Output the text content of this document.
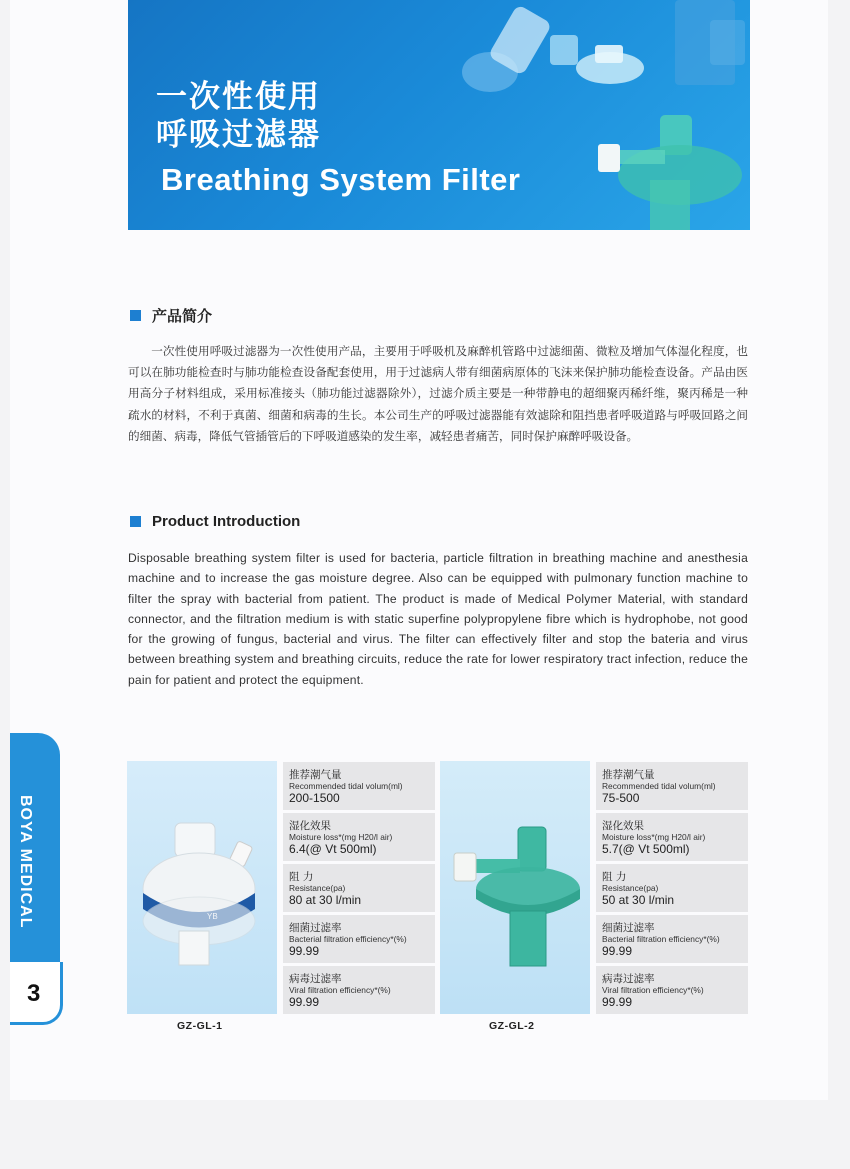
一次性使用
呼吸过滤器
Breathing System Filter
产品简介
一次性使用呼吸过滤器为一次性使用产品，主要用于呼吸机及麻醉机管路中过滤细菌、微粒及增加气体湿化程度，也可以在肺功能检查时与肺功能检查设备配套使用，用于过滤病人带有细菌病原体的飞沫来保护肺功能检查设备。产品由医用高分子材料组成，采用标准接头（肺功能过滤器除外），过滤介质主要是一种带静电的超细聚丙稀纤维，聚丙稀是一种疏水的材料，不利于真菌、细菌和病毒的生长。本公司生产的呼吸过滤器能有效滤除和阻挡患者呼吸道路与呼吸回路之间的细菌、病毒，降低气管插管后的下呼吸道感染的发生率，减轻患者痛苦，同时保护麻醉呼吸设备。
Product Introduction
Disposable breathing system filter is used for bacteria, particle filtration in breathing machine and anesthesia machine and to increase the gas moisture degree. Also can be equipped with pulmonary function machine to filter the spray with bacterial from patient. The product is made of Medical Polymer Material, with standard connector, and the filtration medium is with static superfine polypropylene fibre which is hydrophobe, not good for the growing of fungus, bacterial and virus. The filter can effectively filter and stop the bateria and virus between breathing system and breathing circuits, reduce the rate for lower respiratory tract infection, reduce the pain for patient and protect the equipment.
BOYA MEDICAL
3
推荐潮气量
Recommended tidal volum(ml)
200-1500
湿化效果
Moisture loss*(mg H20/l air)
6.4(@ Vt 500ml)
阻 力
Resistance(pa)
80 at 30 l/min
细菌过滤率
Bacterial filtration efficiency*(%)
99.99
病毒过滤率
Viral filtration efficiency*(%)
99.99
GZ-GL-1
推荐潮气量
Recommended tidal volum(ml)
75-500
湿化效果
Moisture loss*(mg H20/l air)
5.7(@ Vt 500ml)
阻 力
Resistance(pa)
50 at 30 l/min
细菌过滤率
Bacterial filtration efficiency*(%)
99.99
病毒过滤率
Viral filtration efficiency*(%)
99.99
GZ-GL-2
